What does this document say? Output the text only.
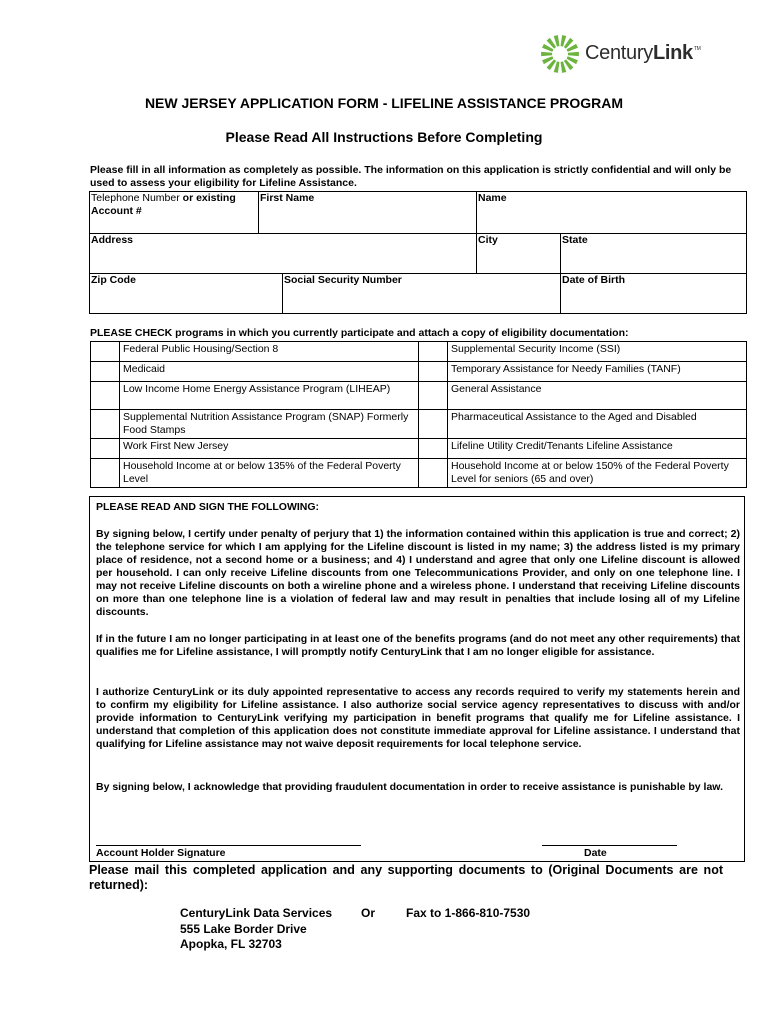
CenturyLink™
NEW JERSEY APPLICATION FORM - LIFELINE ASSISTANCE PROGRAM
Please Read All Instructions Before Completing
Please fill in all information as completely as possible. The information on this application is strictly confidential and will only be used to assess your eligibility for Lifeline Assistance.
Telephone Number or existing Account #	First Name		Name	
Address			City	State
Zip Code		Social Security Number		Date of Birth
PLEASE CHECK programs in which you currently participate and attach a copy of eligibility documentation:
	Federal Public Housing/Section 8		Supplemental Security Income (SSI)
	Medicaid		Temporary Assistance for Needy Families (TANF)
	Low Income Home Energy Assistance Program (LIHEAP)		General Assistance
	Supplemental Nutrition Assistance Program (SNAP) Formerly Food Stamps		Pharmaceutical Assistance to the Aged and Disabled
	Work First New Jersey		Lifeline Utility Credit/Tenants Lifeline Assistance
	Household Income at or below 135% of the Federal Poverty Level		Household Income at or below 150% of the Federal Poverty Level for seniors (65 and over)
PLEASE READ AND SIGN THE FOLLOWING:

By signing below, I certify under penalty of perjury that 1) the information contained within this application is true and correct; 2) the telephone service for which I am applying for the Lifeline discount is listed in my name; 3) the address listed is my primary place of residence, not a second home or a business; and 4) I understand and agree that only one Lifeline discount is allowed per household. I can only receive Lifeline discounts from one Telecommunications Provider, and only on one telephone line. I may not receive Lifeline discounts on both a wireline phone and a wireless phone. I understand that receiving Lifeline discounts on more than one telephone line is a violation of federal law and may result in penalties that include losing all of my Lifeline discounts.

If in the future I am no longer participating in at least one of the benefits programs (and do not meet any other requirements) that qualifies me for Lifeline assistance, I will promptly notify CenturyLink that I am no longer eligible for assistance.

I authorize CenturyLink or its duly appointed representative to access any records required to verify my statements herein and to confirm my eligibility for Lifeline assistance. I also authorize social service agency representatives to discuss with and/or provide information to CenturyLink verifying my participation in benefit programs that qualify me for Lifeline assistance. I understand that completion of this application does not constitute immediate approval for Lifeline assistance. I understand that qualifying for Lifeline assistance may not waive deposit requirements for local telephone service.

By signing below, I acknowledge that providing fraudulent documentation in order to receive assistance is punishable by law.

Account Holder Signature	Date
Please mail this completed application and any supporting documents to (Original Documents are not returned):
CenturyLink Data Services Or	Fax to 1-866-810-7530
555 Lake Border Drive
Apopka, FL 32703
